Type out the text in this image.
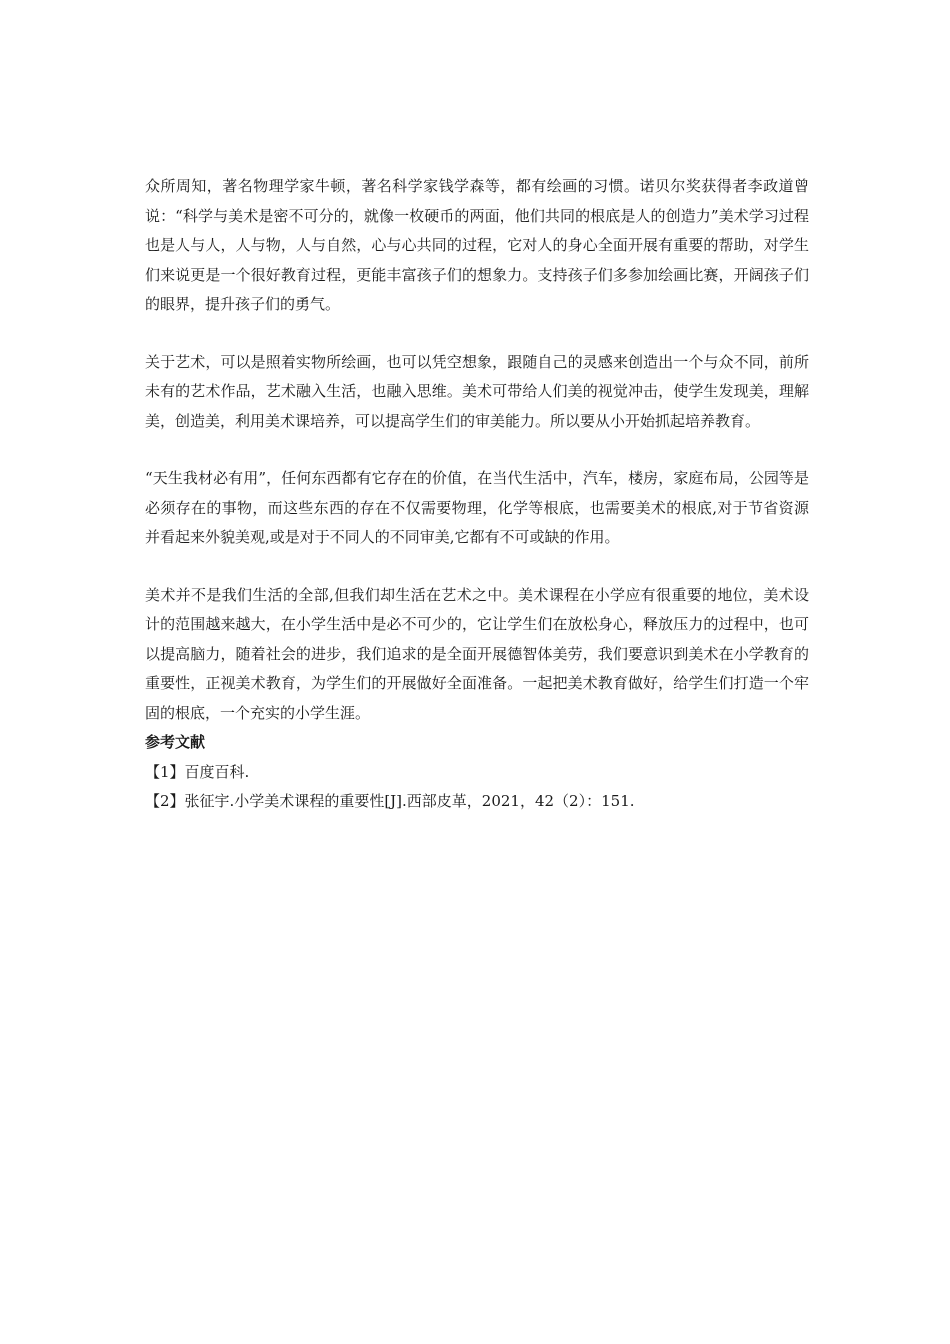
众所周知，著名物理学家牛顿，著名科学家钱学森等，都有绘画的习惯。诺贝尔奖获得者李政道曾说：“科学与美术是密不可分的，就像一枚硬币的两面，他们共同的根底是人的创造力”美术学习过程也是人与人，人与物，人与自然，心与心共同的过程，它对人的身心全面开展有重要的帮助，对学生们来说更是一个很好教育过程，更能丰富孩子们的想象力。支持孩子们多参加绘画比赛，开阔孩子们的眼界，提升孩子们的勇气。

关于艺术，可以是照着实物所绘画，也可以凭空想象，跟随自己的灵感来创造出一个与众不同，前所未有的艺术作品，艺术融入生活，也融入思维。美术可带给人们美的视觉冲击，使学生发现美，理解美，创造美，利用美术课培养，可以提高学生们的审美能力。所以要从小开始抓起培养教育。

“天生我材必有用”，任何东西都有它存在的价值，在当代生活中，汽车，楼房，家庭布局，公园等是必须存在的事物，而这些东西的存在不仅需要物理，化学等根底，也需要美术的根底,对于节省资源并看起来外貌美观,或是对于不同人的不同审美,它都有不可或缺的作用。

美术并不是我们生活的全部,但我们却生活在艺术之中。美术课程在小学应有很重要的地位，美术设计的范围越来越大，在小学生活中是必不可少的，它让学生们在放松身心，释放压力的过程中，也可以提高脑力，随着社会的进步，我们追求的是全面开展德智体美劳，我们要意识到美术在小学教育的重要性，正视美术教育，为学生们的开展做好全面准备。一起把美术教育做好，给学生们打造一个牢固的根底，一个充实的小学生涯。

参考文献
【1】百度百科.
【2】张征宇.小学美术课程的重要性[J].西部皮革，2021，42（2）：151.
